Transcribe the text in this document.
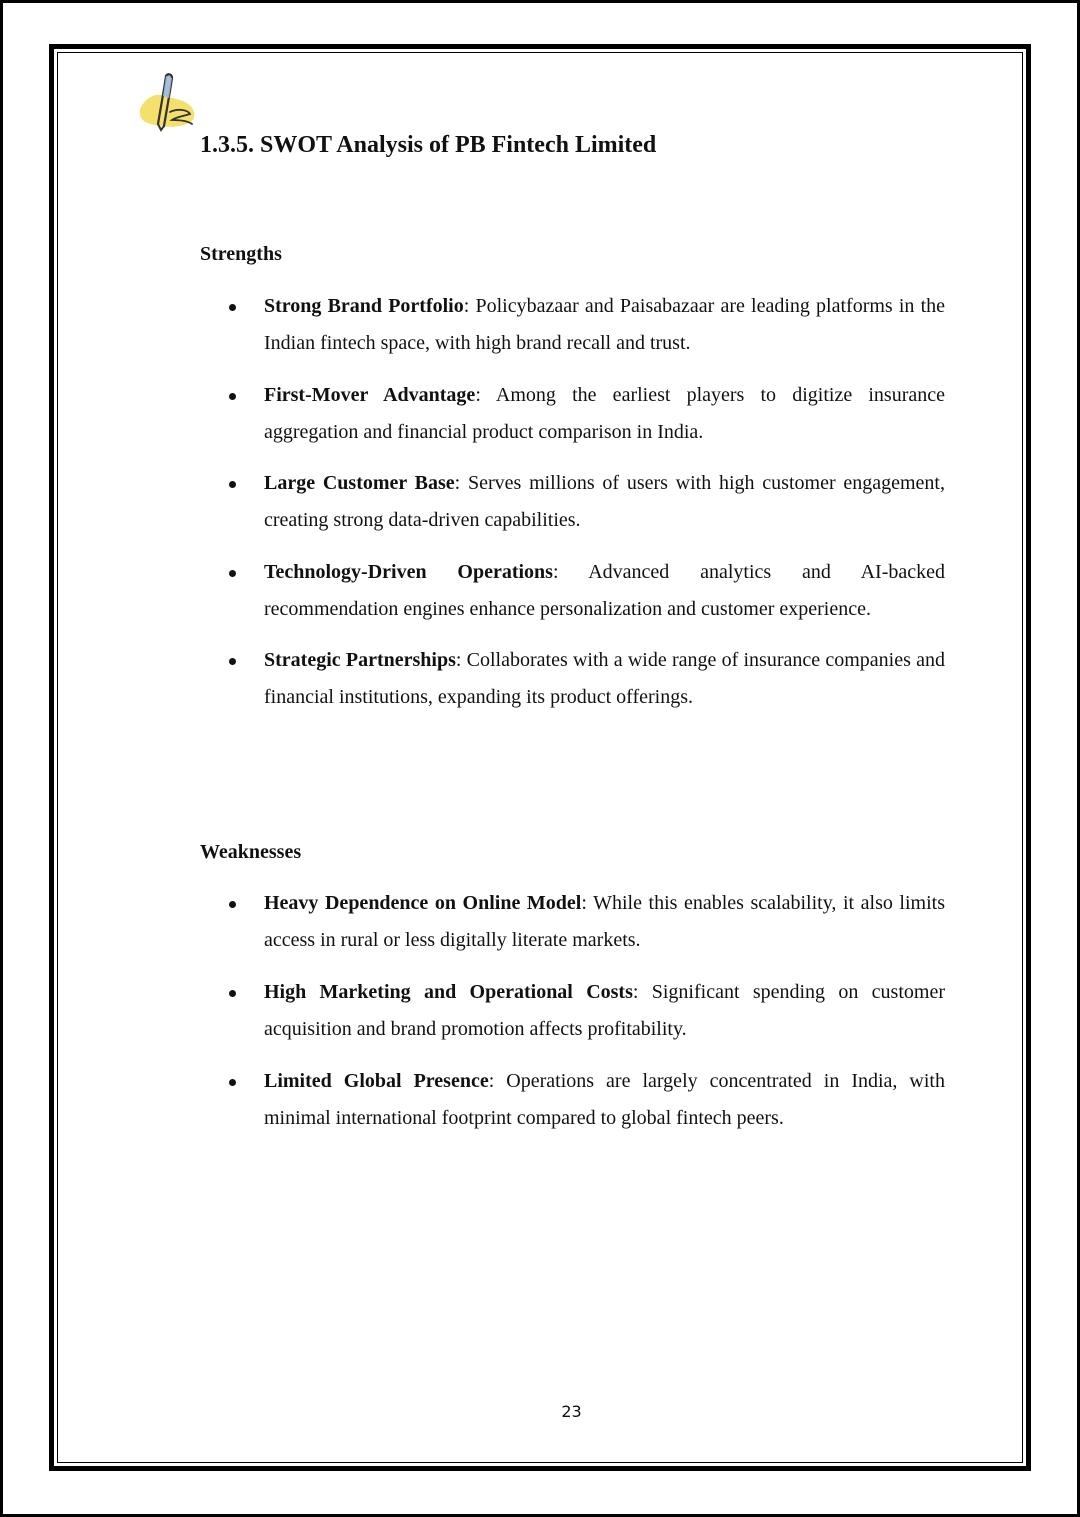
1.3.5. SWOT Analysis of PB Fintech Limited
Strengths

Strong Brand Portfolio: Policybazaar and Paisabazaar are leading platforms in the Indian fintech space, with high brand recall and trust.

First-Mover Advantage: Among the earliest players to digitize insurance aggregation and financial product comparison in India.

Large Customer Base: Serves millions of users with high customer engagement, creating strong data-driven capabilities.

Technology-Driven Operations: Advanced analytics and AI-backed recommendation engines enhance personalization and customer experience.

Strategic Partnerships: Collaborates with a wide range of insurance companies and financial institutions, expanding its product offerings.

Weaknesses

Heavy Dependence on Online Model: While this enables scalability, it also limits access in rural or less digitally literate markets.

High Marketing and Operational Costs: Significant spending on customer acquisition and brand promotion affects profitability.

Limited Global Presence: Operations are largely concentrated in India, with minimal international footprint compared to global fintech peers.

23
